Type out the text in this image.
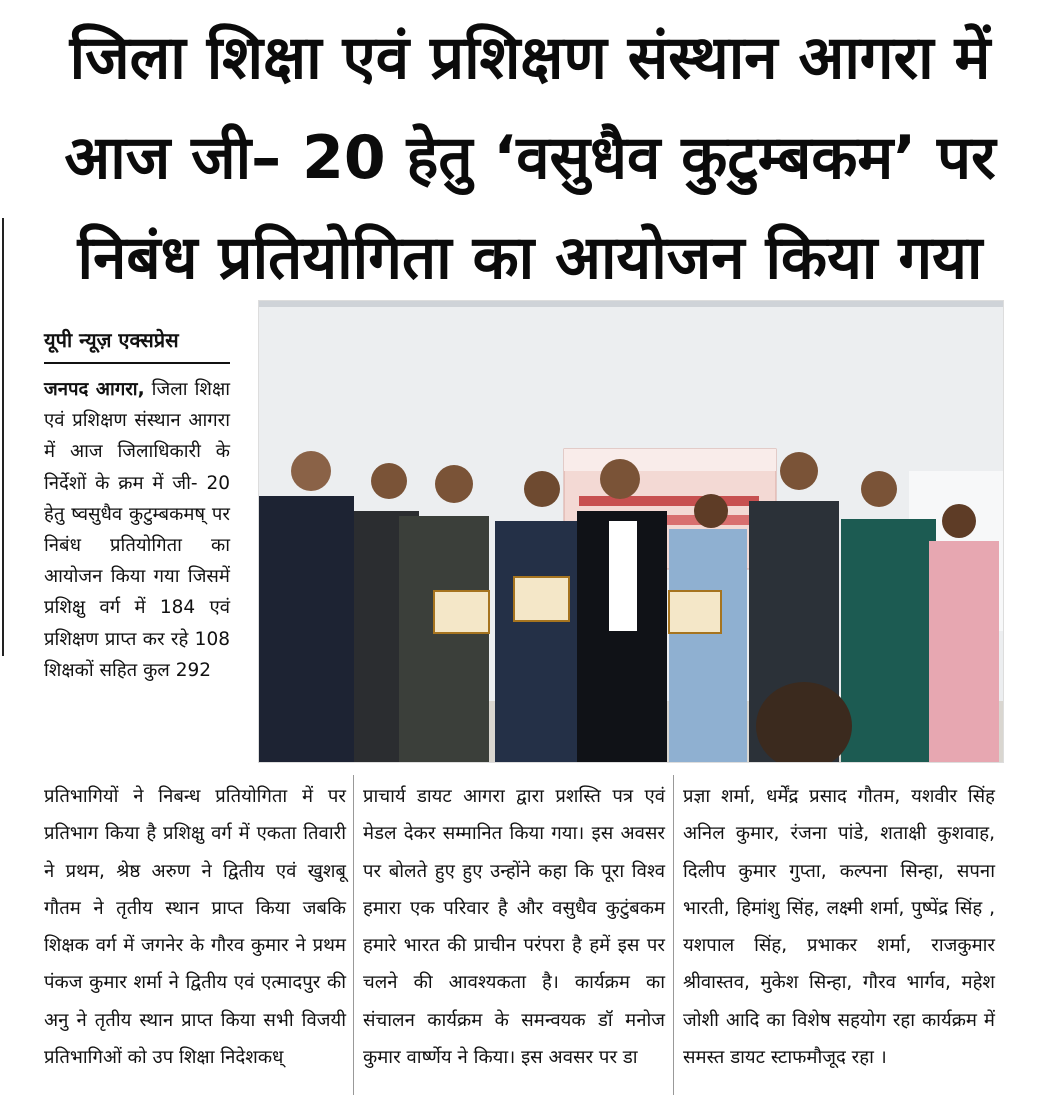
जिला शिक्षा एवं प्रशिक्षण संस्थान आगरा में
आज जी– 20 हेतु ‘वसुधैव कुटुम्बकम’ पर
निबंध प्रतियोगिता का आयोजन किया गया
यूपी न्यूज़ एक्सप्रेस
जनपद आगरा, जिला शिक्षा एवं प्रशिक्षण संस्थान आगरा में आज जिलाधिकारी के निर्देशों के क्रम में जी- 20 हेतु ष्वसुधैव कुटुम्बकमष् पर निबंध प्रतियोगिता का आयोजन किया गया जिसमें प्रशिक्षु वर्ग में 184 एवं प्रशिक्षण प्राप्त कर रहे 108 शिक्षकों सहित कुल 292
प्रतिभागियों ने निबन्ध प्रतियोगिता में पर प्रतिभाग किया है प्रशिक्षु वर्ग में एकता तिवारी ने प्रथम, श्रेष्ठ अरुण ने द्वितीय एवं खुशबू गौतम ने तृतीय स्थान प्राप्त किया जबकि शिक्षक वर्ग में जगनेर के गौरव कुमार ने प्रथम पंकज कुमार शर्मा ने द्वितीय एवं एत्मादपुर की अनु ने तृतीय स्थान प्राप्त किया सभी विजयी प्रतिभागिओं को उप शिक्षा निदेशकध्
प्राचार्य डायट आगरा द्वारा प्रशस्ति पत्र एवं मेडल देकर सम्मानित किया गया। इस अवसर पर बोलते हुए हुए उन्होंने कहा कि पूरा विश्व हमारा एक परिवार है और वसुधैव कुटुंबकम हमारे भारत की प्राचीन परंपरा है हमें इस पर चलने की आवश्यकता है। कार्यक्रम का संचालन कार्यक्रम के समन्वयक डॉ मनोज कुमार वार्ष्णेय ने किया। इस अवसर पर डा
प्रज्ञा शर्मा, धर्मेंद्र प्रसाद गौतम, यशवीर सिंह अनिल कुमार, रंजना पांडे, शताक्षी कुशवाह, दिलीप कुमार गुप्ता, कल्पना सिन्हा, सपना भारती, हिमांशु सिंह, लक्ष्मी शर्मा, पुष्पेंद्र सिंह , यशपाल सिंह, प्रभाकर शर्मा, राजकुमार श्रीवास्तव, मुकेश सिन्हा, गौरव भार्गव, महेश जोशी आदि का विशेष सहयोग रहा कार्यक्रम में समस्त डायट स्टाफमौजूद रहा ।
